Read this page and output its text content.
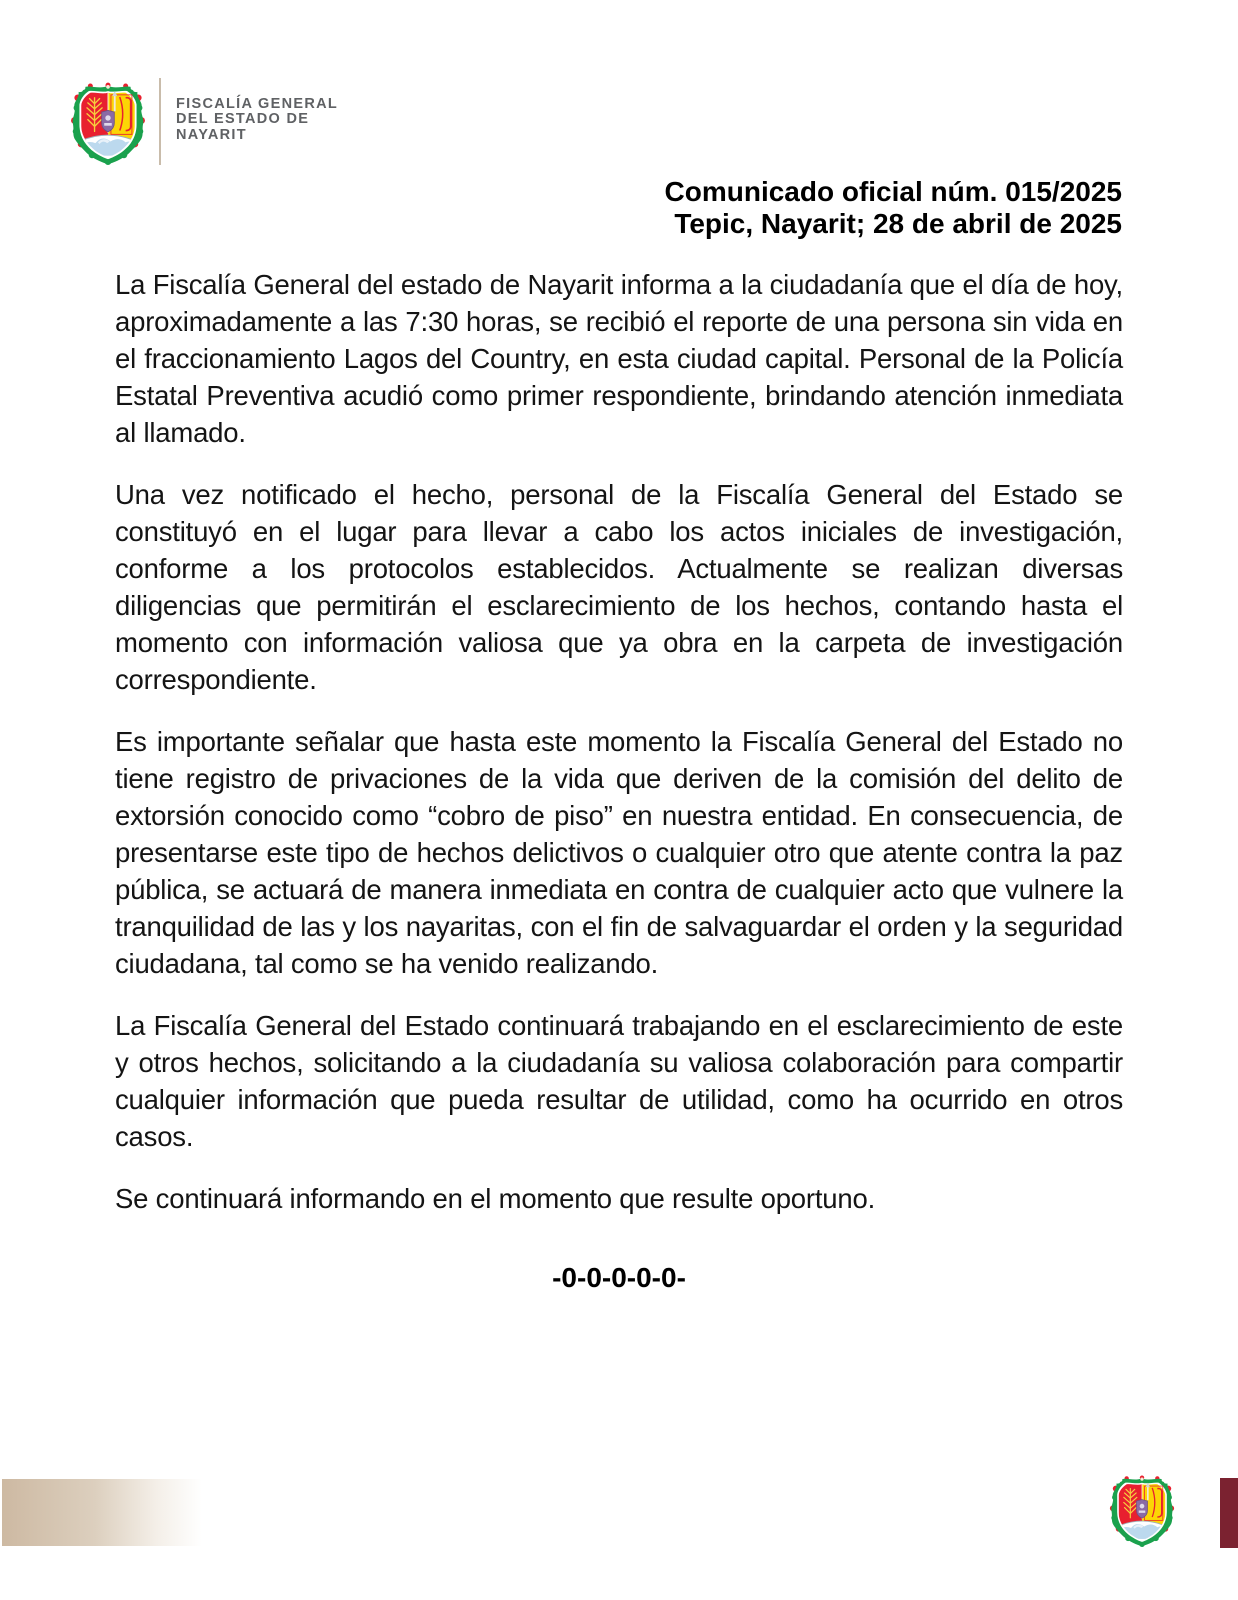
FISCALÍA GENERAL
DEL ESTADO DE
NAYARIT
Comunicado oficial núm. 015/2025
Tepic, Nayarit; 28 de abril de 2025

La Fiscalía General del estado de Nayarit informa a la ciudadanía que el día de hoy, aproximadamente a las 7:30 horas, se recibió el reporte de una persona sin vida en el fraccionamiento Lagos del Country, en esta ciudad capital. Personal de la Policía Estatal Preventiva acudió como primer respondiente, brindando atención inmediata al llamado.

Una vez notificado el hecho, personal de la Fiscalía General del Estado se constituyó en el lugar para llevar a cabo los actos iniciales de investigación, conforme a los protocolos establecidos. Actualmente se realizan diversas diligencias que permitirán el esclarecimiento de los hechos, contando hasta el momento con información valiosa que ya obra en la carpeta de investigación correspondiente.

Es importante señalar que hasta este momento la Fiscalía General del Estado no tiene registro de privaciones de la vida que deriven de la comisión del delito de extorsión conocido como “cobro de piso” en nuestra entidad. En consecuencia, de presentarse este tipo de hechos delictivos o cualquier otro que atente contra la paz pública, se actuará de manera inmediata en contra de cualquier acto que vulnere la tranquilidad de las y los nayaritas, con el fin de salvaguardar el orden y la seguridad ciudadana, tal como se ha venido realizando.

La Fiscalía General del Estado continuará trabajando en el esclarecimiento de este y otros hechos, solicitando a la ciudadanía su valiosa colaboración para compartir cualquier información que pueda resultar de utilidad, como ha ocurrido en otros casos.

Se continuará informando en el momento que resulte oportuno.

-0-0-0-0-0-
